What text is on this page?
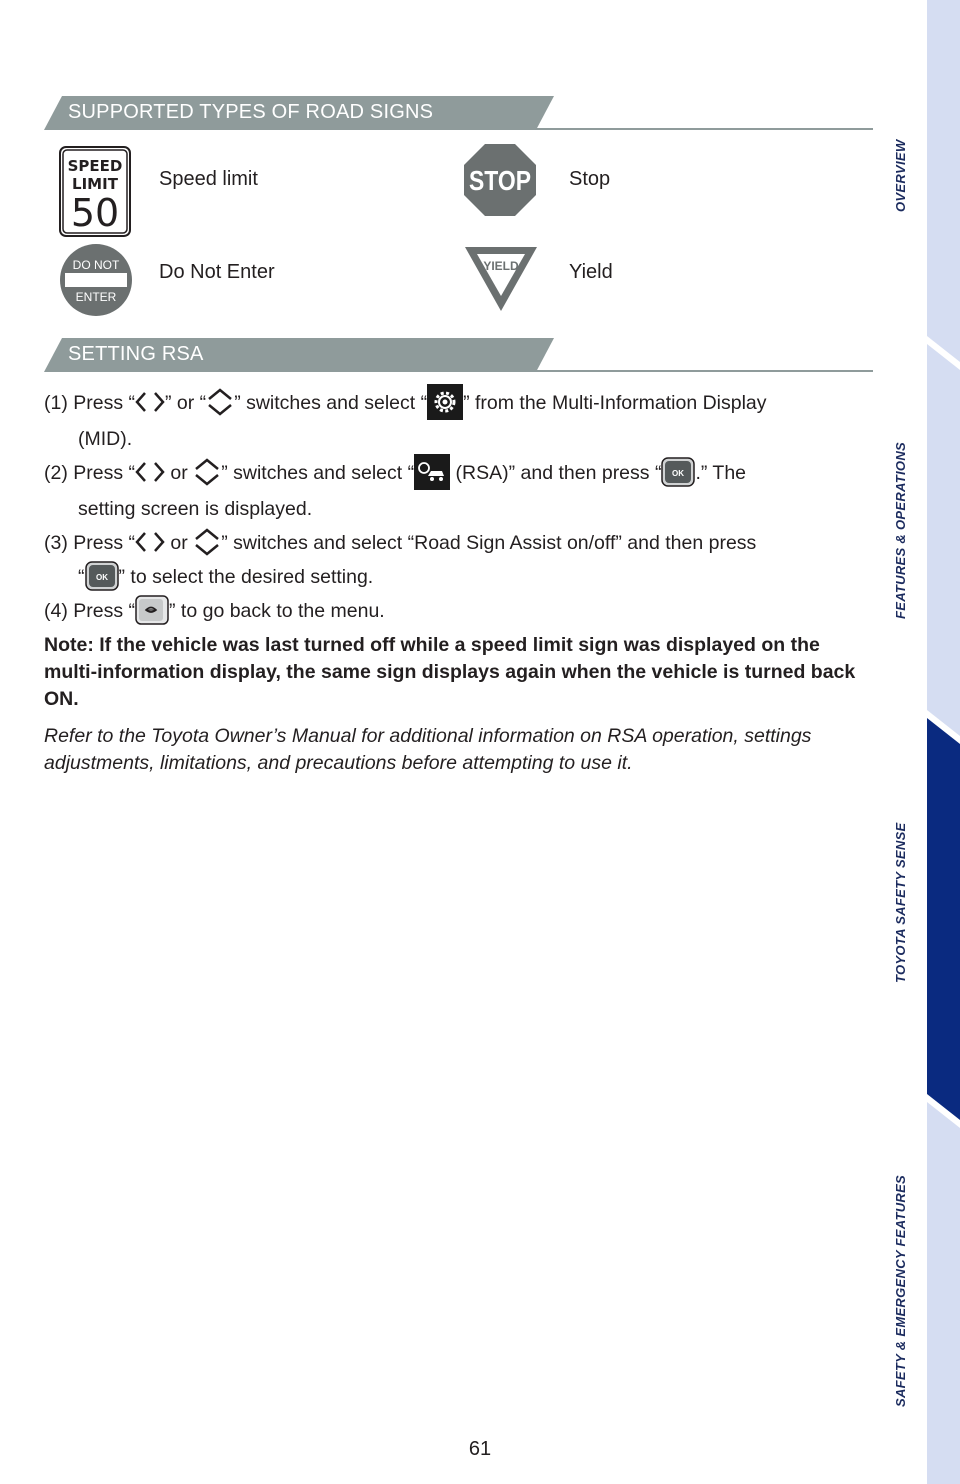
OVERVIEW
FEATURES & OPERATIONS
TOYOTA SAFETY SENSE
SAFETY & EMERGENCY FEATURES
SUPPORTED TYPES OF ROAD SIGNS
SPEED
LIMIT
50
Speed limit	STOP Stop
DO NOT
ENTER
Do Not Enter	YIELD	Yield
SETTING RSA
(1) Press “ ” or “ ” switches and select “ ” from the Multi-Information Display
(MID).
(2) Press “ or ” switches and select “ (RSA)” and then press “ OK .” The
setting screen is displayed.
(3) Press “ or ” switches and select “Road Sign Assist on/off” and then press
“ OK ” to select the desired setting.
(4) Press “ ” to go back to the menu.
Note: If the vehicle was last turned off while a speed limit sign was displayed on the multi-information display, the same sign displays again when the vehicle is turned back ON.
Refer to the Toyota Owner’s Manual for additional information on RSA operation, settings adjustments, limitations, and precautions before attempting to use it.
61
